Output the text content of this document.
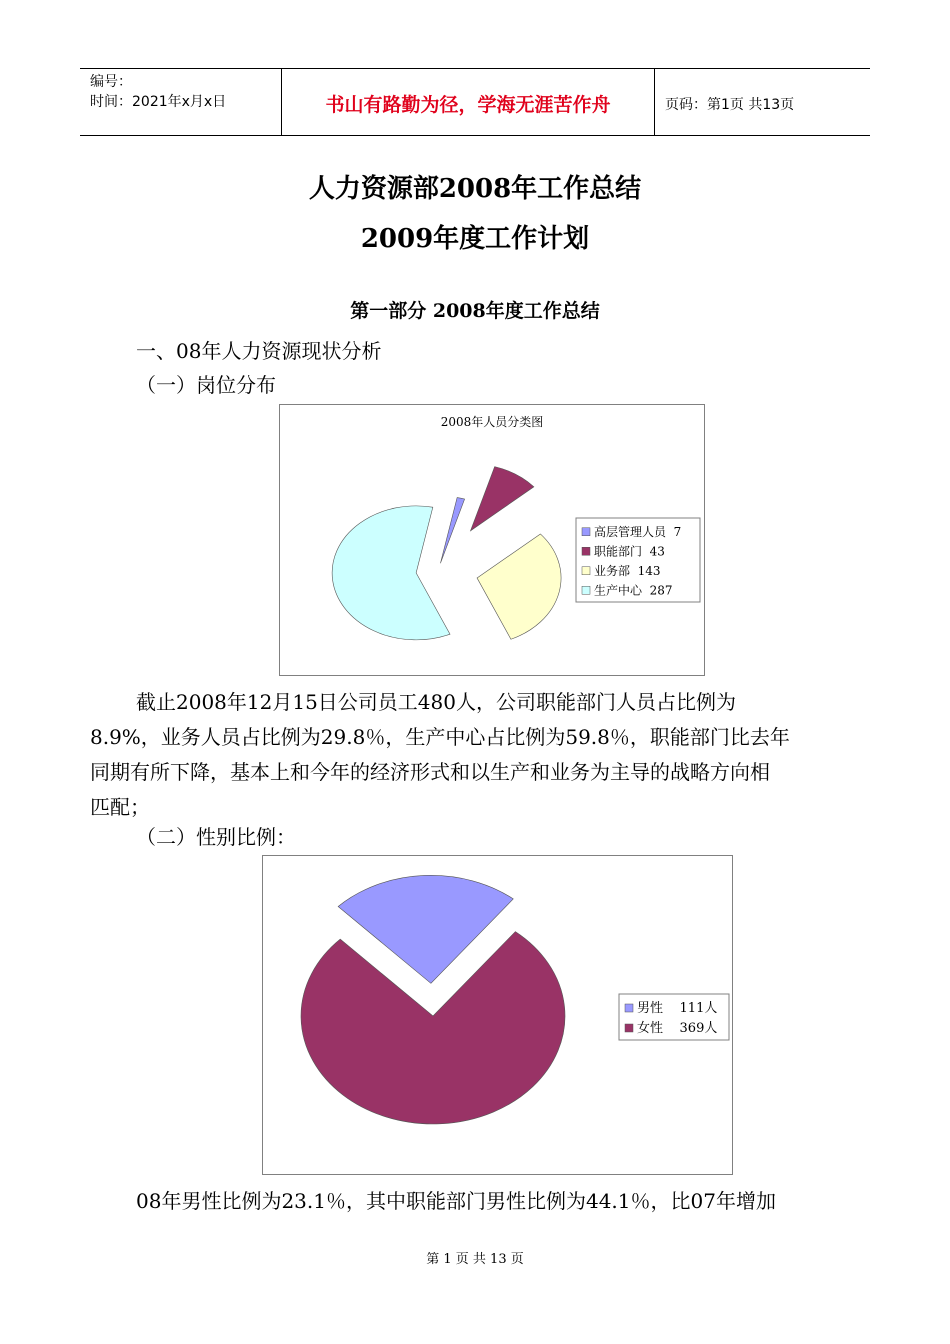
编号：
时间：2021年x月x日	书山有路勤为径，学海无涯苦作舟	页码：第1页 共13页
人力资源部2008年工作总结
2009年度工作计划
第一部分 2008年度工作总结
一、08年人力资源现状分析
（一）岗位分布
2008年人员分类图
高层管理人员  7
职能部门  43
业务部  143
生产中心  287
截止2008年12月15日公司员工480人，公司职能部门人员占比例为
8.9%，业务人员占比例为29.8％，生产中心占比例为59.8％，职能部门比去年
同期有所下降，基本上和今年的经济形式和以生产和业务为主导的战略方向相
匹配；
（二）性别比例：
男性    111人
女性    369人
08年男性比例为23.1％，其中职能部门男性比例为44.1％，比07年增加
第 1 页 共 13 页
